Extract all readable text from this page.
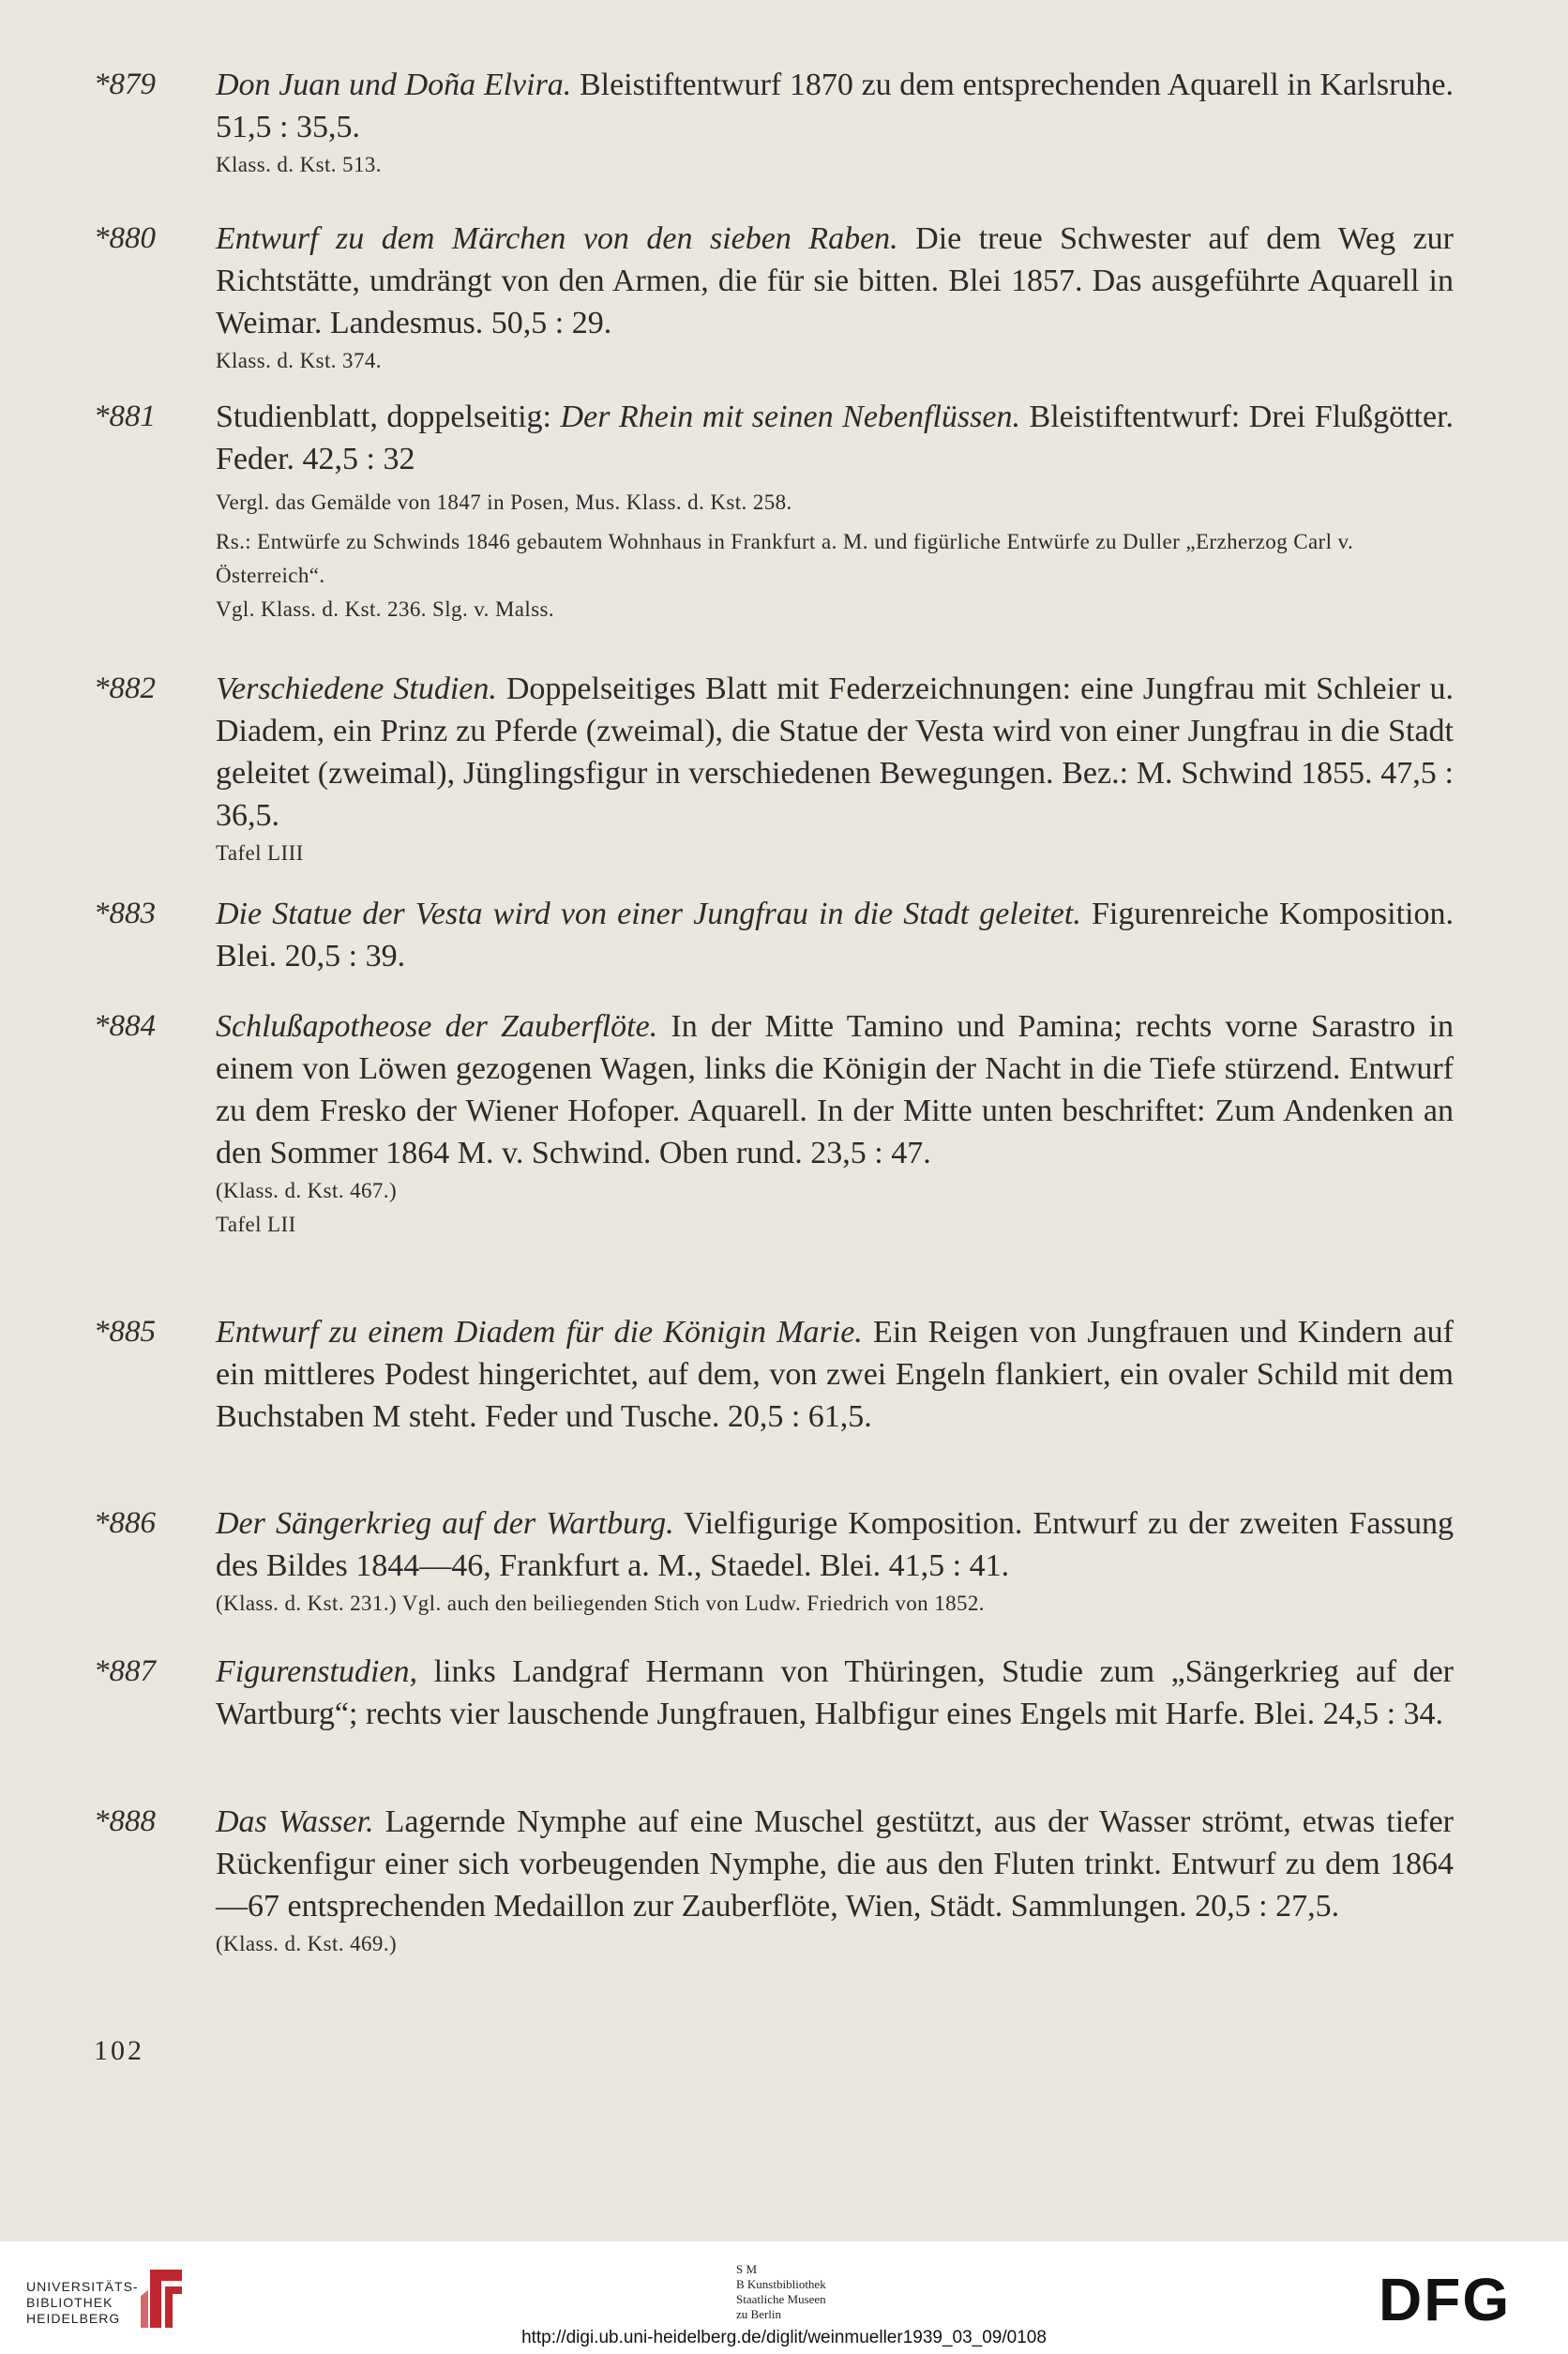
*879	Don Juan und Doña Elvira. Bleistiftentwurf 1870 zu dem entsprechenden Aquarell in Karlsruhe. 51,5 : 35,5.

Klass. d. Kst. 513.

*880	Entwurf zu dem Märchen von den sieben Raben. Die treue Schwester auf dem Weg zur Richtstätte, umdrängt von den Armen, die für sie bitten. Blei 1857. Das ausgeführte Aquarell in Weimar. Landesmus. 50,5 : 29.

Klass. d. Kst. 374.

*881	Studienblatt, doppelseitig: Der Rhein mit seinen Nebenflüssen. Bleistiftentwurf: Drei Flußgötter. Feder. 42,5 : 32

Vergl. das Gemälde von 1847 in Posen, Mus. Klass. d. Kst. 258.

Rs.: Entwürfe zu Schwinds 1846 gebautem Wohnhaus in Frankfurt a. M. und figürliche Entwürfe zu Duller „Erzherzog Carl v. Österreich“.

Vgl. Klass. d. Kst. 236. Slg. v. Malss.

*882	Verschiedene Studien. Doppelseitiges Blatt mit Federzeichnungen: eine Jungfrau mit Schleier u. Diadem, ein Prinz zu Pferde (zweimal), die Statue der Vesta wird von einer Jungfrau in die Stadt geleitet (zweimal), Jünglingsfigur in verschiedenen Bewegungen. Bez.: M. Schwind 1855. 47,5 : 36,5.

Tafel LIII

*883	Die Statue der Vesta wird von einer Jungfrau in die Stadt geleitet. Figurenreiche Komposition. Blei. 20,5 : 39.

*884	Schlußapotheose der Zauberflöte. In der Mitte Tamino und Pamina; rechts vorne Sarastro in einem von Löwen gezogenen Wagen, links die Königin der Nacht in die Tiefe stürzend. Entwurf zu dem Fresko der Wiener Hofoper. Aquarell. In der Mitte unten beschriftet: Zum Andenken an den Sommer 1864 M. v. Schwind. Oben rund. 23,5 : 47.

(Klass. d. Kst. 467.)

Tafel LII

*885	Entwurf zu einem Diadem für die Königin Marie. Ein Reigen von Jungfrauen und Kindern auf ein mittleres Podest hingerichtet, auf dem, von zwei Engeln flankiert, ein ovaler Schild mit dem Buchstaben M steht. Feder und Tusche. 20,5 : 61,5.

*886	Der Sängerkrieg auf der Wartburg. Vielfigurige Komposition. Entwurf zu der zweiten Fassung des Bildes 1844—46, Frankfurt a. M., Staedel. Blei. 41,5 : 41.

(Klass. d. Kst. 231.) Vgl. auch den beiliegenden Stich von Ludw. Friedrich von 1852.

*887	Figurenstudien, links Landgraf Hermann von Thüringen, Studie zum „Sängerkrieg auf der Wartburg“; rechts vier lauschende Jungfrauen, Halbfigur eines Engels mit Harfe. Blei. 24,5 : 34.

*888	Das Wasser. Lagernde Nymphe auf eine Muschel gestützt, aus der Wasser strömt, etwas tiefer Rückenfigur einer sich vorbeugenden Nymphe, die aus den Fluten trinkt. Entwurf zu dem 1864—67 entsprechenden Medaillon zur Zauberflöte, Wien, Städt. Sammlungen. 20,5 : 27,5.

(Klass. d. Kst. 469.)

102
UNIVERSITÄTS-
BIBLIOTHEK
HEIDELBERG
S M
B Kunstbibliothek
Staatliche Museen
zu Berlin	DFG
http://digi.ub.uni-heidelberg.de/diglit/weinmueller1939_03_09/0108
